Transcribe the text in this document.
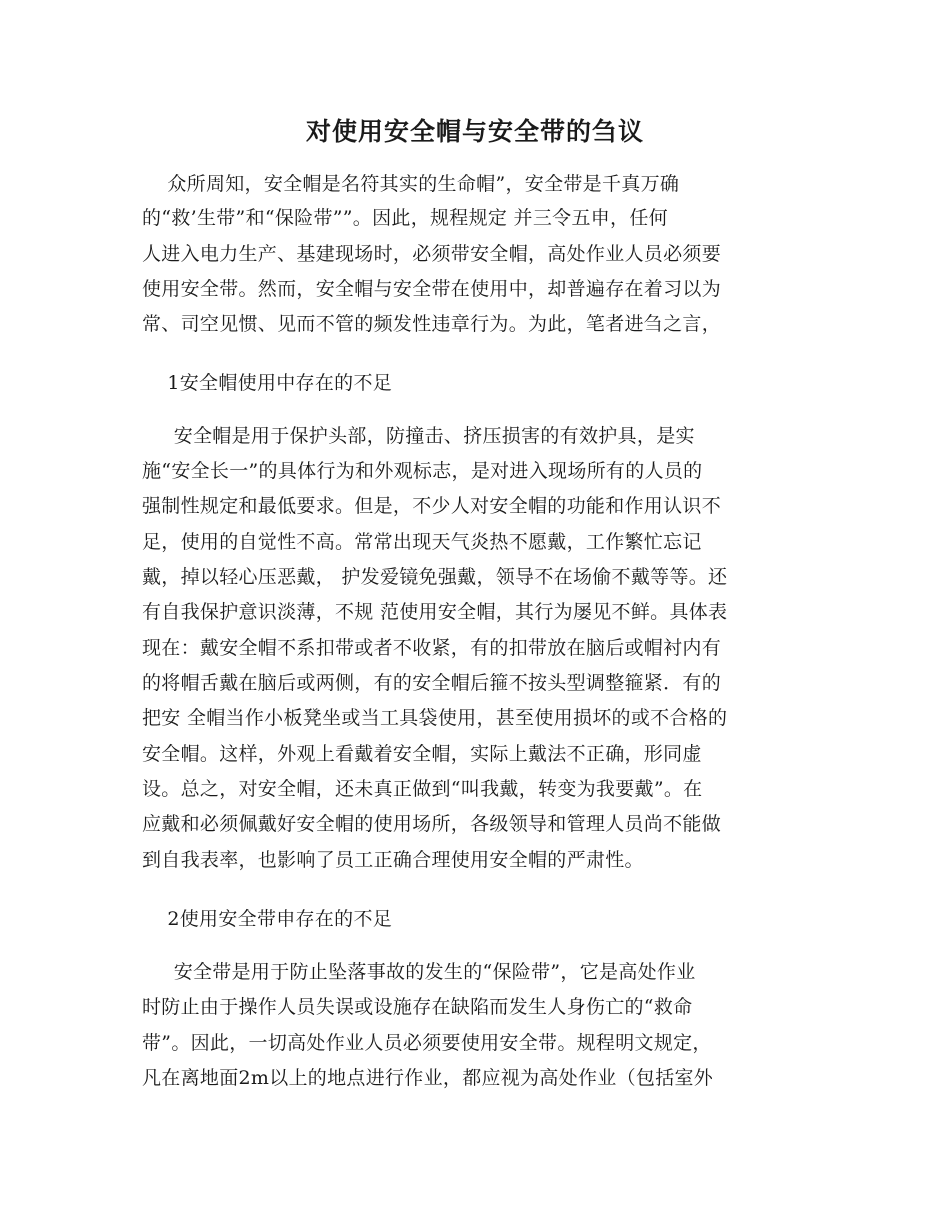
对使用安全帽与安全带的刍议
众所周知，安全帽是名符其实的生命帽”，安全带是千真万确
的“救’生带”和“保险带””。因此，规程规定 并三令五申，任何
人进入电力生产、基建现场时，必须带安全帽，高处作业人员必须要
使用安全带。然而，安全帽与安全带在使用中，却普遍存在着习以为
常、司空见惯、见而不管的频发性违章行为。为此，笔者进刍之言，
1安全帽使用中存在的不足
安全帽是用于保护头部，防撞击、挤压损害的有效护具，是实
施“安全长一”的具体行为和外观标志，是对进入现场所有的人员的
强制性规定和最低要求。但是，不少人对安全帽的功能和作用认识不
足，使用的自觉性不高。常常出现天气炎热不愿戴，工作繁忙忘记
戴，掉以轻心压恶戴， 护发爱镜免强戴，领导不在场偷不戴等等。还
有自我保护意识淡薄，不规 范使用安全帽，其行为屡见不鲜。具体表
现在：戴安全帽不系扣带或者不收紧，有的扣带放在脑后或帽衬内有
的将帽舌戴在脑后或两侧，有的安全帽后箍不按头型调整箍紧．有的
把安 全帽当作小板凳坐或当工具袋使用，甚至使用损坏的或不合格的
安全帽。这样，外观上看戴着安全帽，实际上戴法不正确，形同虚
设。总之，对安全帽，还未真正做到“叫我戴，转变为我要戴”。在
应戴和必须佩戴好安全帽的使用场所，各级领导和管理人员尚不能做
到自我表率，也影响了员工正确合理使用安全帽的严肃性。
2使用安全带申存在的不足
安全带是用于防止坠落事故的发生的“保险带”，它是高处作业
时防止由于操作人员失误或设施存在缺陷而发生人身伤亡的“救命
带”。因此，一切高处作业人员必须要使用安全带。规程明文规定，
凡在离地面2m以上的地点进行作业，都应视为高处作业（包括室外
